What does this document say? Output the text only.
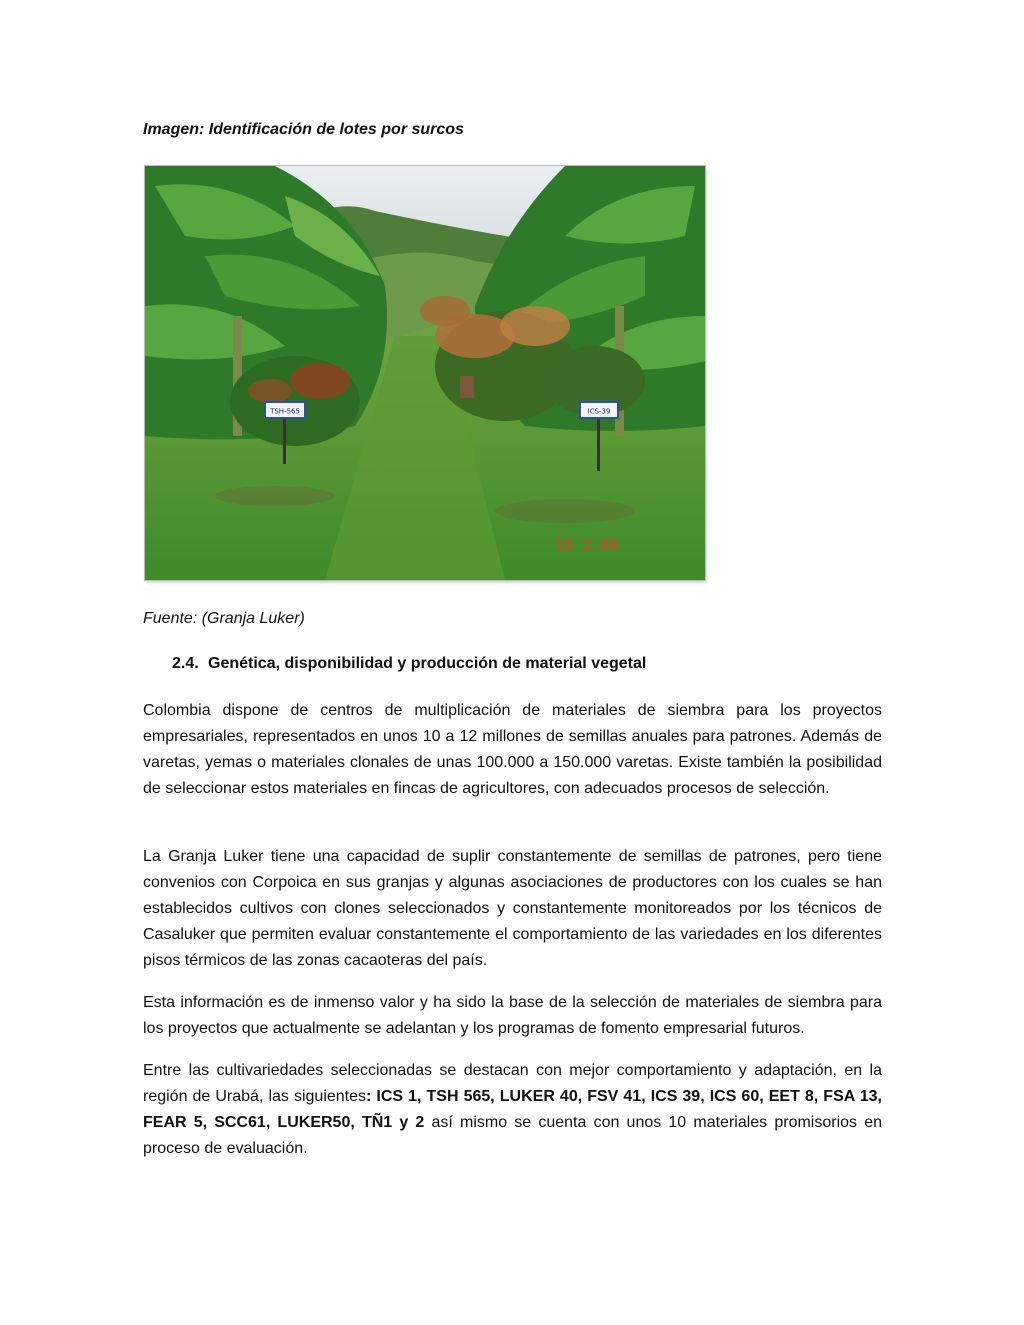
Imagen: Identificación de lotes por surcos
TSH-565	ICS-39
16 2.08
Fuente: (Granja Luker)
2.4. Genética, disponibilidad y producción de material vegetal

Colombia dispone de centros de multiplicación de materiales de siembra para los proyectos empresariales, representados en unos 10 a 12 millones de semillas anuales para patrones. Además de varetas, yemas o materiales clonales de unas 100.000 a 150.000 varetas. Existe también la posibilidad de seleccionar estos materiales en fincas de agricultores, con adecuados procesos de selección.

La Granja Luker tiene una capacidad de suplir constantemente de semillas de patrones, pero tiene convenios con Corpoica en sus granjas y algunas asociaciones de productores con los cuales se han establecidos cultivos con clones seleccionados y constantemente monitoreados por los técnicos de Casaluker que permiten evaluar constantemente el comportamiento de las variedades en los diferentes pisos térmicos de las zonas cacaoteras del país.

Esta información es de inmenso valor y ha sido la base de la selección de materiales de siembra para los proyectos que actualmente se adelantan y los programas de fomento empresarial futuros.

Entre las cultivariedades seleccionadas se destacan con mejor comportamiento y adaptación, en la región de Urabá, las siguientes: ICS 1, TSH 565, LUKER 40, FSV 41, ICS 39, ICS 60, EET 8, FSA 13, FEAR 5, SCC61, LUKER50, TÑ1 y 2 así mismo se cuenta con unos 10 materiales promisorios en proceso de evaluación.
